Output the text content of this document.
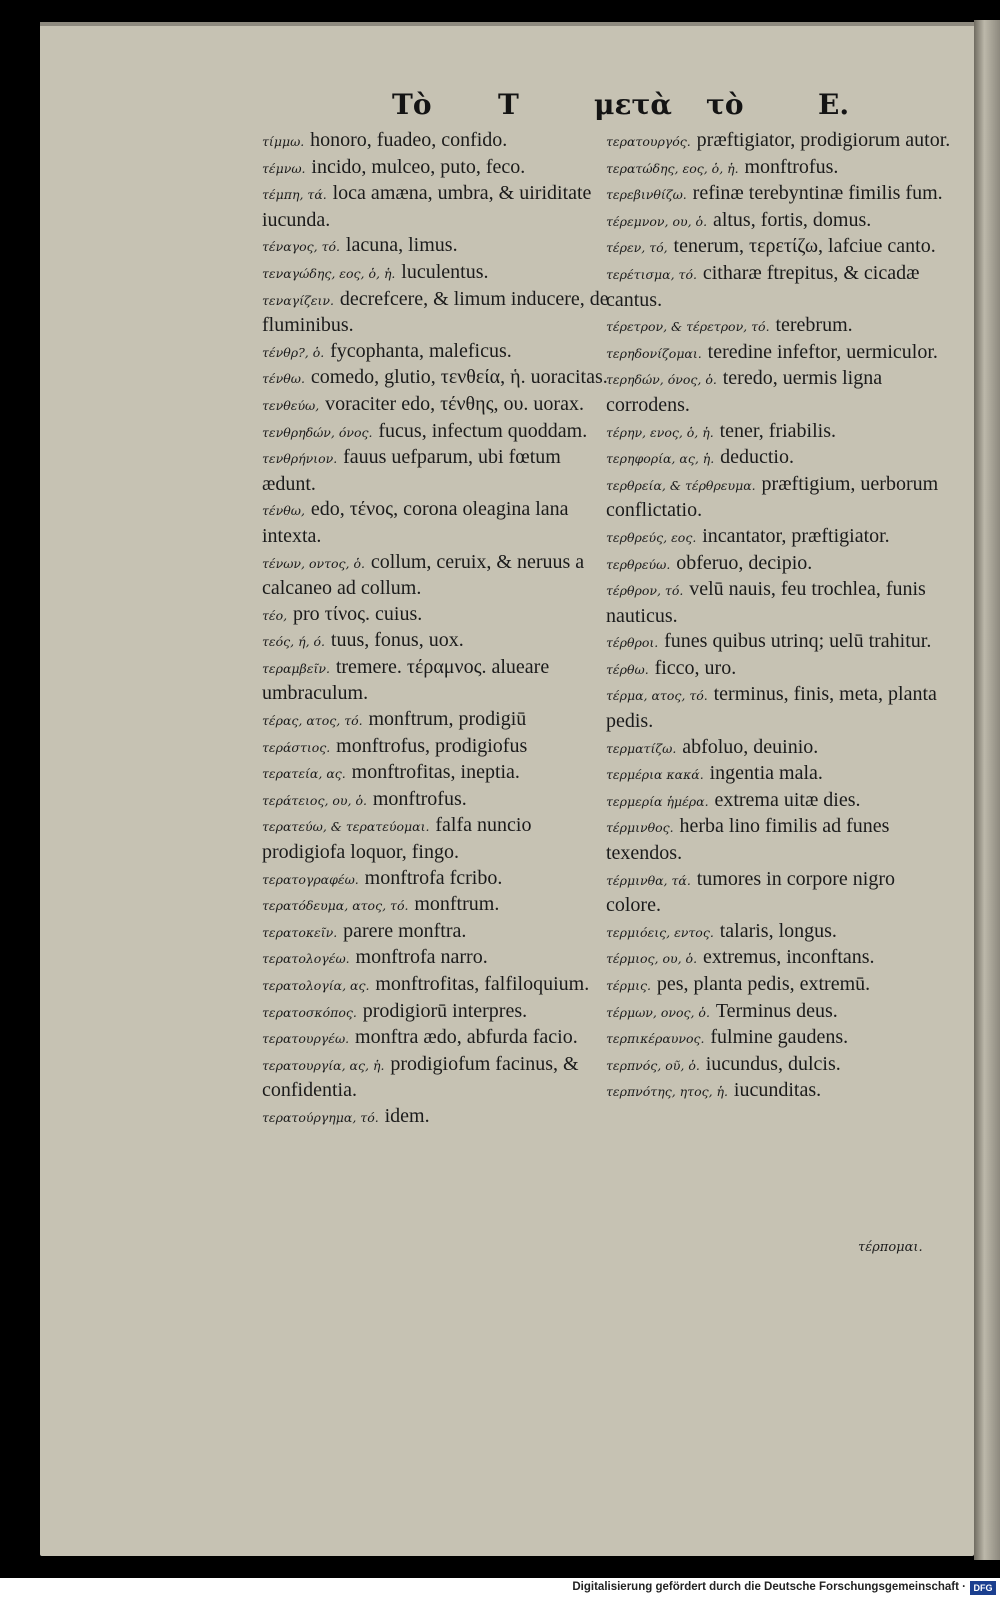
Τὸ Τ	μετὰ τὸ	Ε.
τίμμω. honoro, fuadeo, confido.
τέμνω. incido, mulceo, puto, feco.
τέμπη, τά. loca amæna, umbra, & uiriditate iucunda.
τέναγος, τό. lacuna, limus.
τεναγώδης, εος, ὁ, ἡ. luculentus.
τεναγίζειν. decrefcere, & limum inducere, de fluminibus.
τένθρ?, ὁ. fycophanta, maleficus.
τένθω. comedo, glutio, τενθεία, ἡ. uoracitas.
τενθεύω, voraciter edo, τένθης, ου. uorax.
τενθρηδών, όνος. fucus, infectum quoddam.
τενθρήνιον. fauus uefparum, ubi fœtum ædunt.
τένθω, edo, τένος, corona oleagina lana intexta.
τένων, οντος, ὁ. collum, ceruix, & neruus a calcaneo ad collum.
τέο, pro τίνος. cuius.
τεός, ή, ό. tuus, fonus, uox.
τεραμβεῖν. tremere. τέραμνος. alueare umbraculum.
τέρας, ατος, τό. monftrum, prodigiū
τεράστιος. monftrofus, prodigiofus
τερατεία, ας. monftrofitas, ineptia.
τεράτειος, ου, ὁ. monftrofus.
τερατεύω, & τερατεύομαι. falfa nuncio prodigiofa loquor, fingo.
τερατογραφέω. monftrofa fcribo.
τερατόδευμα, ατος, τό. monftrum.
τερατοκεῖν. parere monftra.
τερατολογέω. monftrofa narro.
τερατολογία, ας. monftrofitas, falfiloquium.
τερατοσκόπος. prodigiorū interpres.
τερατουργέω. monftra ædo, abfurda facio.
τερατουργία, ας, ἡ. prodigiofum facinus, & confidentia.
τερατούργημα, τό. idem.
τερατουργός. præftigiator, prodigiorum autor.
τερατώδης, εος, ὁ, ἡ. monftrofus.
τερεβινθίζω. refinæ terebyntinæ fimilis fum.
τέρεμνον, ου, ὁ. altus, fortis, domus.
τέρεν, τό, tenerum, τερετίζω, lafciue canto.
τερέτισμα, τό. citharæ ftrepitus, & cicadæ cantus.
τέρετρον, & τέρετρον, τό. terebrum.
τερηδονίζομαι. teredine infeftor, uermiculor.
τερηδών, όνος, ὁ. teredo, uermis ligna corrodens.
τέρην, ενος, ὁ, ἡ. tener, friabilis.
τερηφορία, ας, ἡ. deductio.
τερθρεία, & τέρθρευμα. præftigium, uerborum conflictatio.
τερθρεύς, εος. incantator, præftigiator.
τερθρεύω. obferuo, decipio.
τέρθρον, τό. velū nauis, feu trochlea, funis nauticus.
τέρθροι. funes quibus utrinq; uelū trahitur.
τέρθω. ficco, uro.
τέρμα, ατος, τό. terminus, finis, meta, planta pedis.
τερματίζω. abfoluo, deuinio.
τερμέρια κακά. ingentia mala.
τερμερία ἡμέρα. extrema uitæ dies.
τέρμινθος. herba lino fimilis ad funes texendos.
τέρμινθα, τά. tumores in corpore nigro colore.
τερμιόεις, εντος. talaris, longus.
τέρμιος, ου, ὁ. extremus, inconftans.
τέρμις. pes, planta pedis, extremū.
τέρμων, ονος, ὁ. Terminus deus.
τερπικέραυνος. fulmine gaudens.
τερπνός, οῦ, ὁ. iucundus, dulcis.
τερπνότης, ητος, ἡ. iucunditas.
τέρπομαι.
Digitalisierung gefördert durch die Deutsche Forschungsgemeinschaft · DFG
